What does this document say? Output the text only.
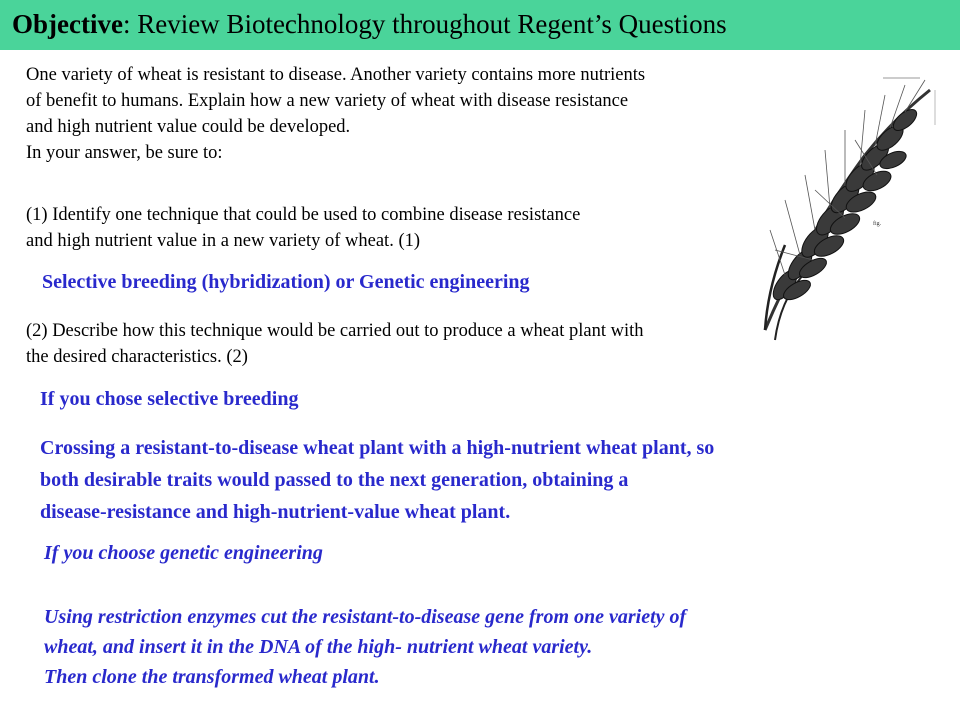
Objective: Review Biotechnology throughout Regent’s Questions
fig.
One variety of wheat is resistant to disease. Another variety contains more nutrients
of benefit to humans. Explain how a new variety of wheat with disease resistance
and high nutrient value could be developed.
In your answer, be sure to:
(1) Identify one technique that could be used to combine disease resistance
and high nutrient value in a new variety of wheat. (1)
Selective breeding (hybridization) or Genetic engineering
(2) Describe how this technique would be carried out to produce a wheat plant with
the desired characteristics. (2)
If you chose selective breeding
Crossing a resistant-to-disease wheat plant with a high-nutrient wheat plant, so
both desirable traits would passed to the next generation, obtaining a
disease-resistance and high-nutrient-value wheat plant.
If you choose genetic engineering
Using restriction enzymes cut the resistant-to-disease gene from one variety of
wheat, and insert it in the DNA of the high- nutrient wheat variety.
Then clone the transformed wheat plant.
